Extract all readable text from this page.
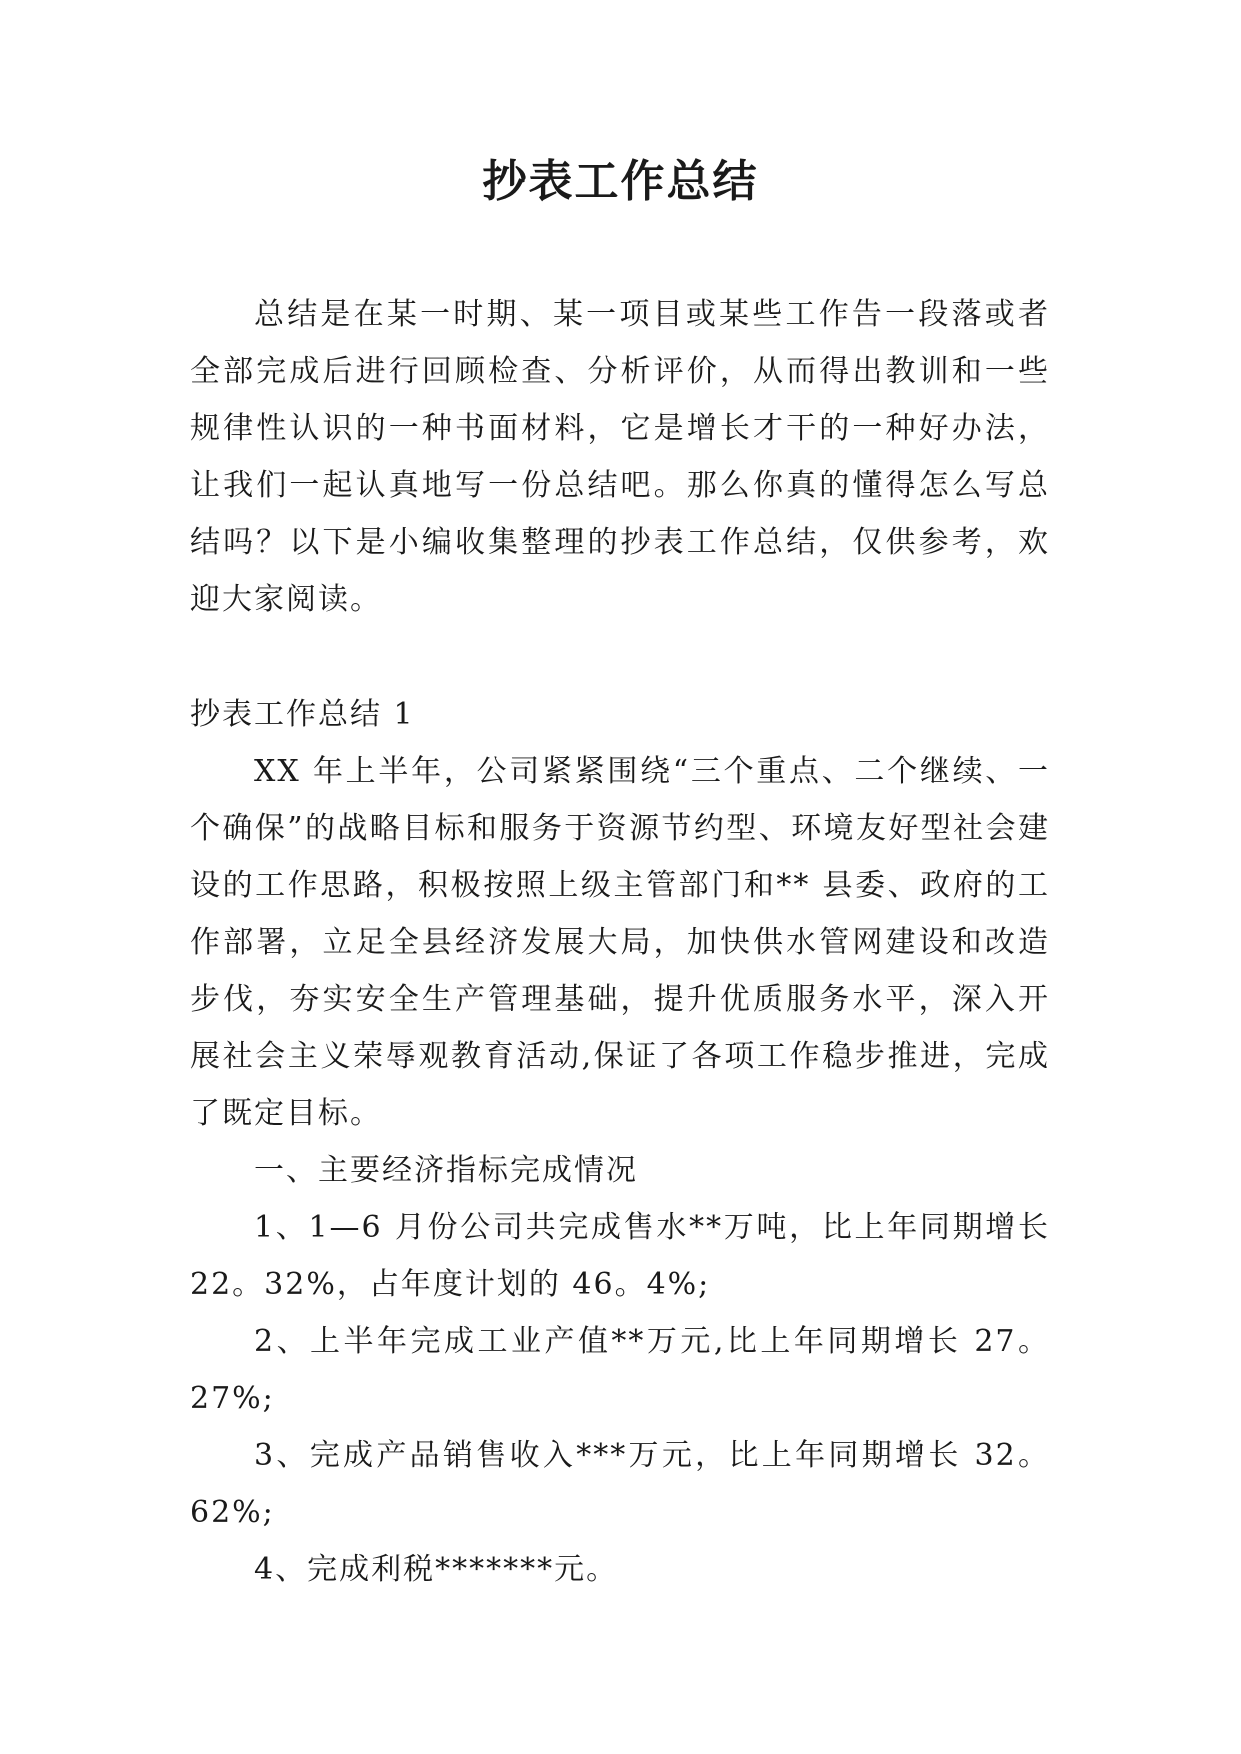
抄表工作总结

总结是在某一时期、某一项目或某些工作告一段落或者全部完成后进行回顾检查、分析评价，从而得出教训和一些规律性认识的一种书面材料，它是增长才干的一种好办法，让我们一起认真地写一份总结吧。那么你真的懂得怎么写总结吗？以下是小编收集整理的抄表工作总结，仅供参考，欢迎大家阅读。

抄表工作总结 1

XX 年上半年，公司紧紧围绕“三个重点、二个继续、一个确保”的战略目标和服务于资源节约型、环境友好型社会建设的工作思路，积极按照上级主管部门和** 县委、政府的工作部署，立足全县经济发展大局，加快供水管网建设和改造步伐，夯实安全生产管理基础，提升优质服务水平，深入开展社会主义荣辱观教育活动,保证了各项工作稳步推进，完成了既定目标。

一、主要经济指标完成情况

1、1—6 月份公司共完成售水**万吨，比上年同期增长 22。32%，占年度计划的 46。4%;

2、上半年完成工业产值**万元,比上年同期增长 27。27%;

3、完成产品销售收入***万元，比上年同期增长 32。62%;

4、完成利税*******元。
